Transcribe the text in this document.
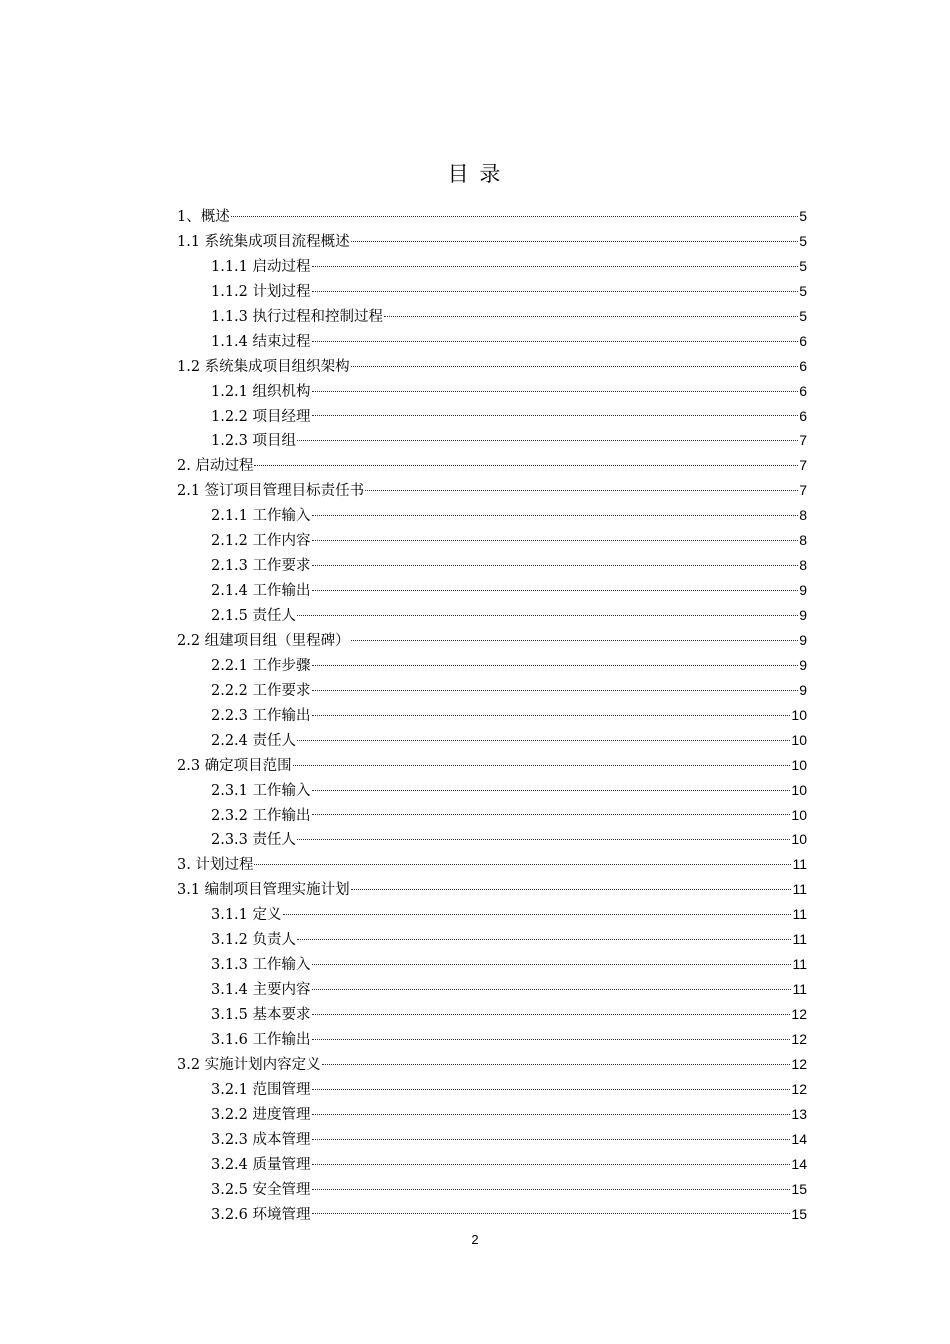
目 录
1、概述	5
1.1 系统集成项目流程概述	5
1.1.1 启动过程	5
1.1.2 计划过程	5
1.1.3 执行过程和控制过程	5
1.1.4 结束过程	6
1.2 系统集成项目组织架构	6
1.2.1 组织机构	6
1.2.2 项目经理	6
1.2.3 项目组	7
2. 启动过程	7
2.1 签订项目管理目标责任书	7
2.1.1 工作输入	8
2.1.2 工作内容	8
2.1.3 工作要求	8
2.1.4 工作输出	9
2.1.5 责任人	9
2.2 组建项目组（里程碑）	9
2.2.1 工作步骤	9
2.2.2 工作要求	9
2.2.3 工作输出	10
2.2.4 责任人	10
2.3 确定项目范围	10
2.3.1 工作输入	10
2.3.2 工作输出	10
2.3.3 责任人	10
3. 计划过程	11
3.1 编制项目管理实施计划	11
3.1.1 定义	11
3.1.2 负责人	11
3.1.3 工作输入	11
3.1.4 主要内容	11
3.1.5 基本要求	12
3.1.6 工作输出	12
3.2 实施计划内容定义	12
3.2.1 范围管理	12
3.2.2 进度管理	13
3.2.3 成本管理	14
3.2.4 质量管理	14
3.2.5 安全管理	15
3.2.6 环境管理	15
2
